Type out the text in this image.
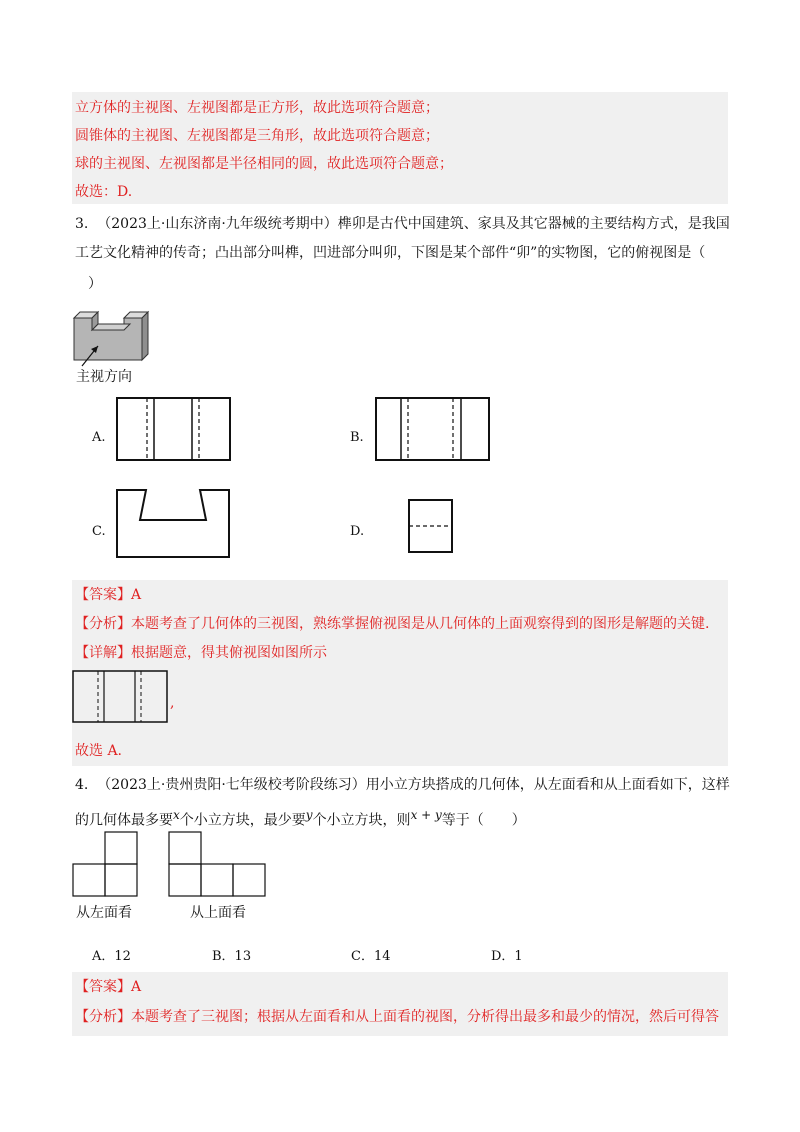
立方体的主视图、左视图都是正方形，故此选项符合题意；
圆锥体的主视图、左视图都是三角形，故此选项符合题意；
球的主视图、左视图都是半径相同的圆，故此选项符合题意；
故选：D.
3. （2023上·山东济南·九年级统考期中）榫卯是古代中国建筑、家具及其它器械的主要结构方式，是我国
工艺文化精神的传奇；凸出部分叫榫，凹进部分叫卯，下图是某个部件“卯”的实物图，它的俯视图是（
）
主视方向
A.	B.
C.	D.
【答案】A
【分析】本题考查了几何体的三视图，熟练掌握俯视图是从几何体的上面观察得到的图形是解题的关键.
【详解】根据题意，得其俯视图如图所示
,
故选 A.
4. （2023上·贵州贵阳·七年级校考阶段练习）用小立方块搭成的几何体，从左面看和从上面看如下，这样
的几何体最多要$^x$个小立方块，最少要$^y$个小立方块，则$^{x + y}$等于（　　）
从左面看	从上面看
A．12	B．13	C．14	D．1
【答案】A
【分析】本题考查了三视图；根据从左面看和从上面看的视图，分析得出最多和最少的情况，然后可得答
